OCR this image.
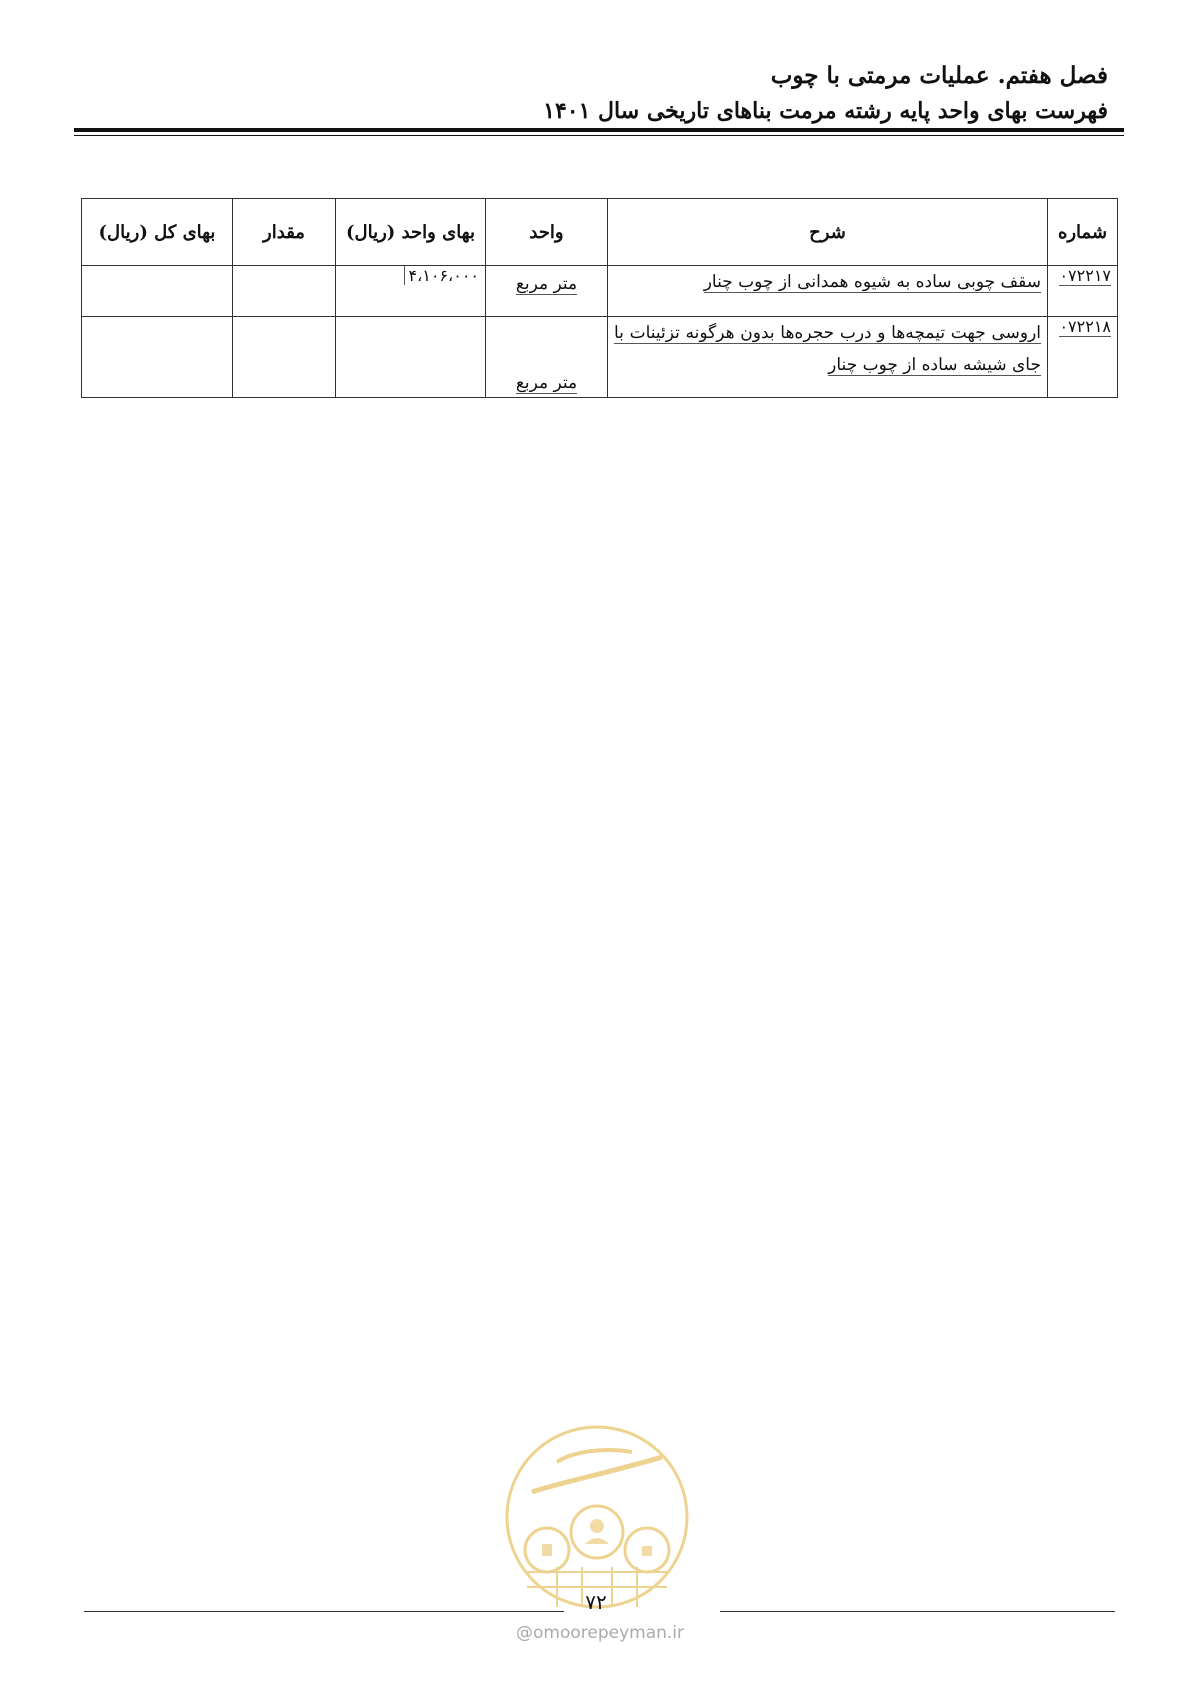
فصل هفتم. عملیات مرمتی با چوب
فهرست بهای واحد پایه رشته مرمت بناهای تاریخی سال ۱۴۰۱
شماره	شرح	واحد	بهای واحد (ریال)	مقدار	بهای کل (ریال)
۰۷۲۲۱۷	سقف چوبی ساده به شیوه همدانی از چوب چنار	متر مربع	۴،۱۰۶،۰۰۰		
۰۷۲۲۱۸	اروسی جهت تیمچه‌ها و درب حجره‌ها بدون هرگونه تزئینات با جای شیشه ساده از چوب چنار	متر مربع			
۷۲
@omoorepeyman.ir
